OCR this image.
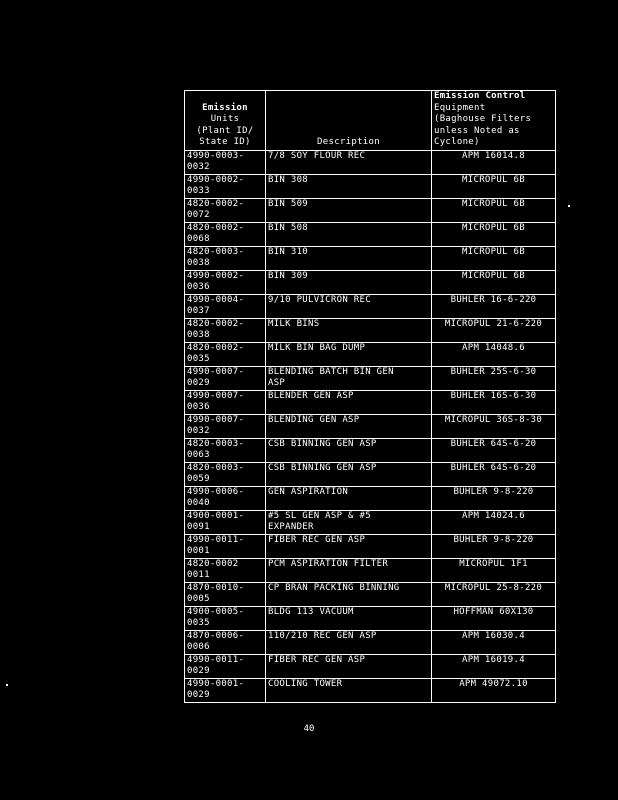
Emission
Units
(Plant ID/
State ID)	Description	Emission Control
Equipment
(Baghouse Filters
unless Noted as
Cyclone)
4990-0003-
0032	7/8 SOY FLOUR REC	APM 16014.8
4990-0002-
0033	BIN 308	MICROPUL 6B
4820-0002-
0072	BIN 509	MICROPUL 6B
4820-0002-
0068	BIN 508	MICROPUL 6B
4820-0003-
0038	BIN 310	MICROPUL 6B
4990-0002-
0036	BIN 309	MICROPUL 6B
4990-0004-
0037	9/10 PULVICRON REC	BUHLER 16-6-220
4820-0002-
0038	MILK BINS	MICROPUL 21-6-220
4820-0002-
0035	MILK BIN BAG DUMP	APM 14048.6
4990-0007-
0029	BLENDING BATCH BIN GEN
ASP	BUHLER 25S-6-30
4990-0007-
0036	BLENDER GEN ASP	BUHLER 16S-6-30
4990-0007-
0032	BLENDING GEN ASP	MICROPUL 36S-8-30
4820-0003-
0063	CSB BINNING GEN ASP	BUHLER 64S-6-20
4820-0003-
0059	CSB BINNING GEN ASP	BUHLER 64S-6-20
4990-0006-
0040	GEN ASPIRATION	BUHLER 9-8-220
4900-0001-
0091	#5 SL GEN ASP & #5
EXPANDER	APM 14024.6
4990-0011-
0001	FIBER REC GEN ASP	BUHLER 9-8-220
4820-0002
0011	PCM ASPIRATION FILTER	MICROPUL 1F1
4870-0010-
0005	CP BRAN PACKING BINNING	MICROPUL 25-8-220
4900-0005-
0035	BLDG 113 VACUUM	HOFFMAN 60X130
4870-0006-
0006	110/210 REC GEN ASP	APM 16030.4
4990-0011-
0029	FIBER REC GEN ASP	APM 16019.4
4990-0001-
0029	COOLING TOWER	APM 49072.10
40
